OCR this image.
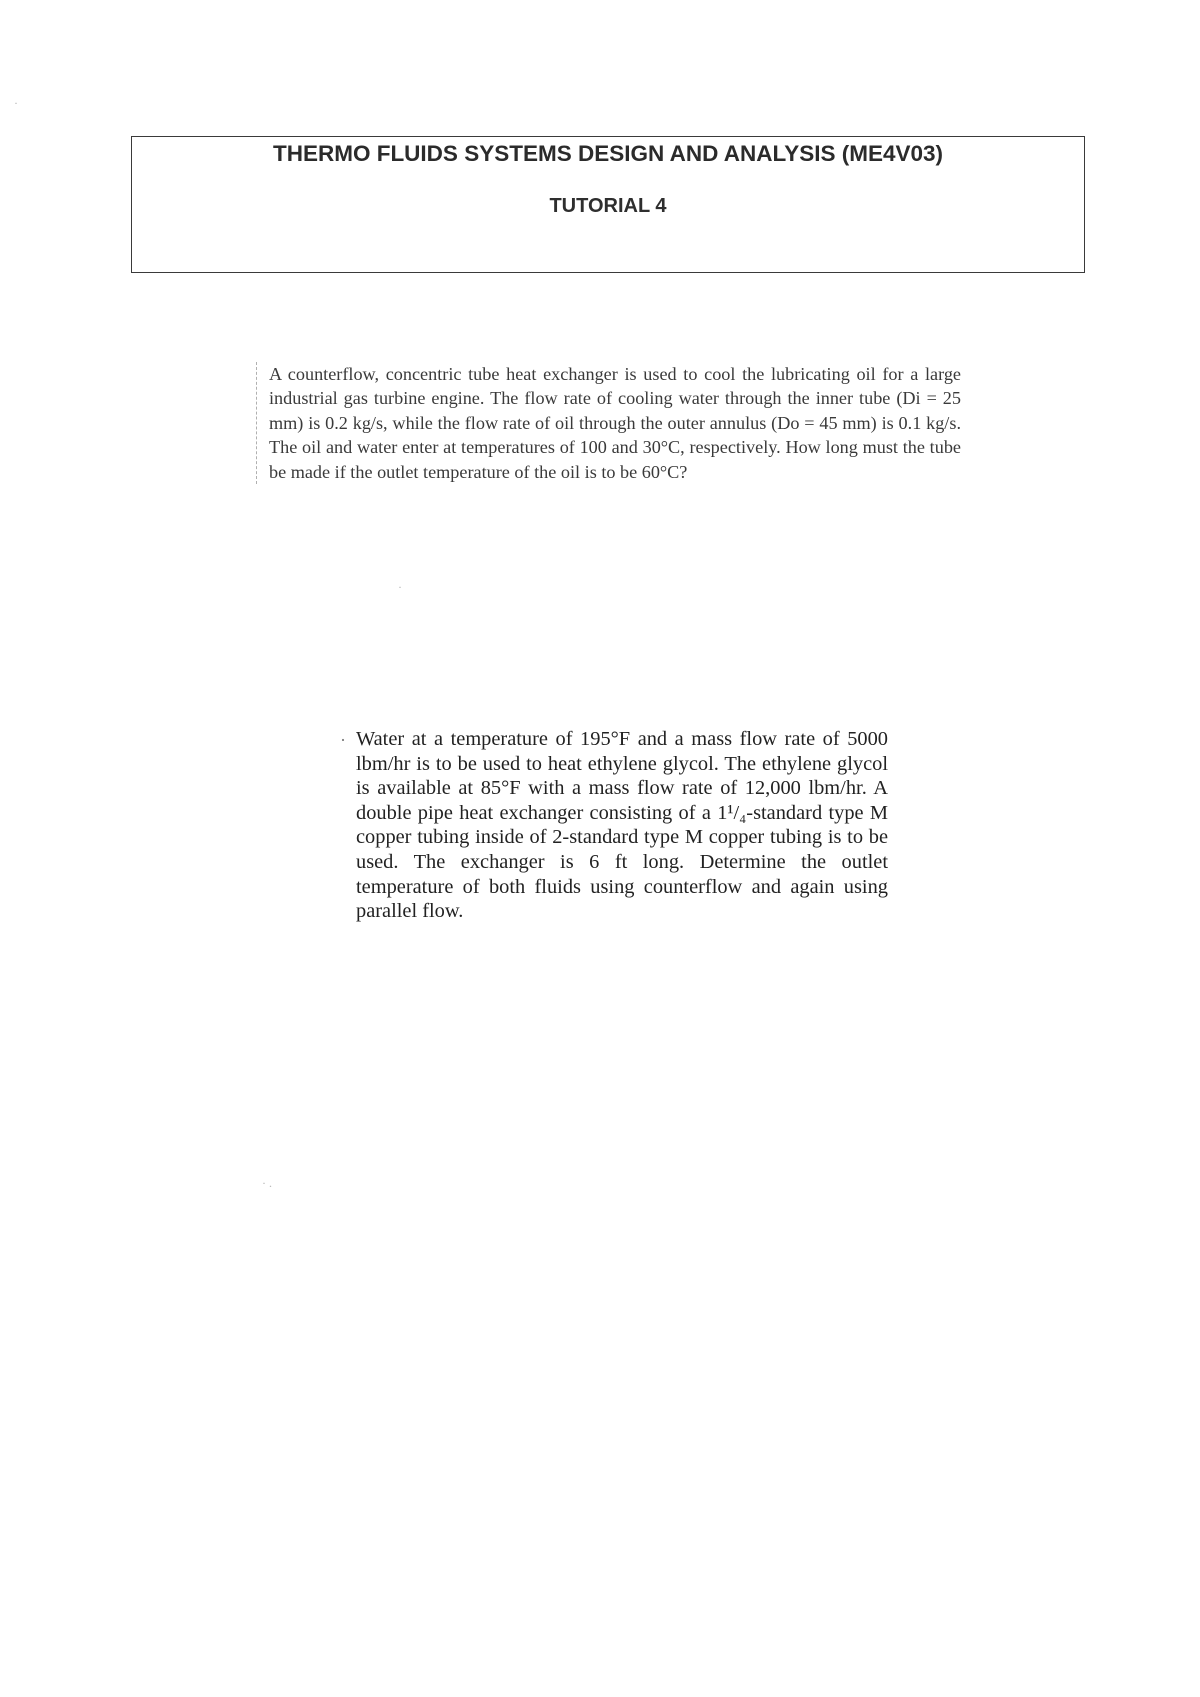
THERMO FLUIDS SYSTEMS DESIGN AND ANALYSIS (ME4V03)
TUTORIAL 4
A counterflow, concentric tube heat exchanger is used to cool the lubricating oil for a large industrial gas turbine engine. The flow rate of cooling water through the inner tube (Di = 25 mm) is 0.2 kg/s, while the flow rate of oil through the outer annulus (Do = 45 mm) is 0.1 kg/s. The oil and water enter at temperatures of 100 and 30°C, respectively. How long must the tube be made if the outlet temperature of the oil is to be 60°C?
· Water at a temperature of 195°F and a mass flow rate of 5000 lbm/hr is to be used to heat ethylene glycol. The ethylene glycol is available at 85°F with a mass flow rate of 12,000 lbm/hr. A double pipe heat exchanger consisting of a 1¹/₄-standard type M copper tubing inside of 2-standard type M copper tubing is to be used. The exchanger is 6 ft long. Determine the outlet temperature of both fluids using counterflow and again using parallel flow.
·
·
· .
